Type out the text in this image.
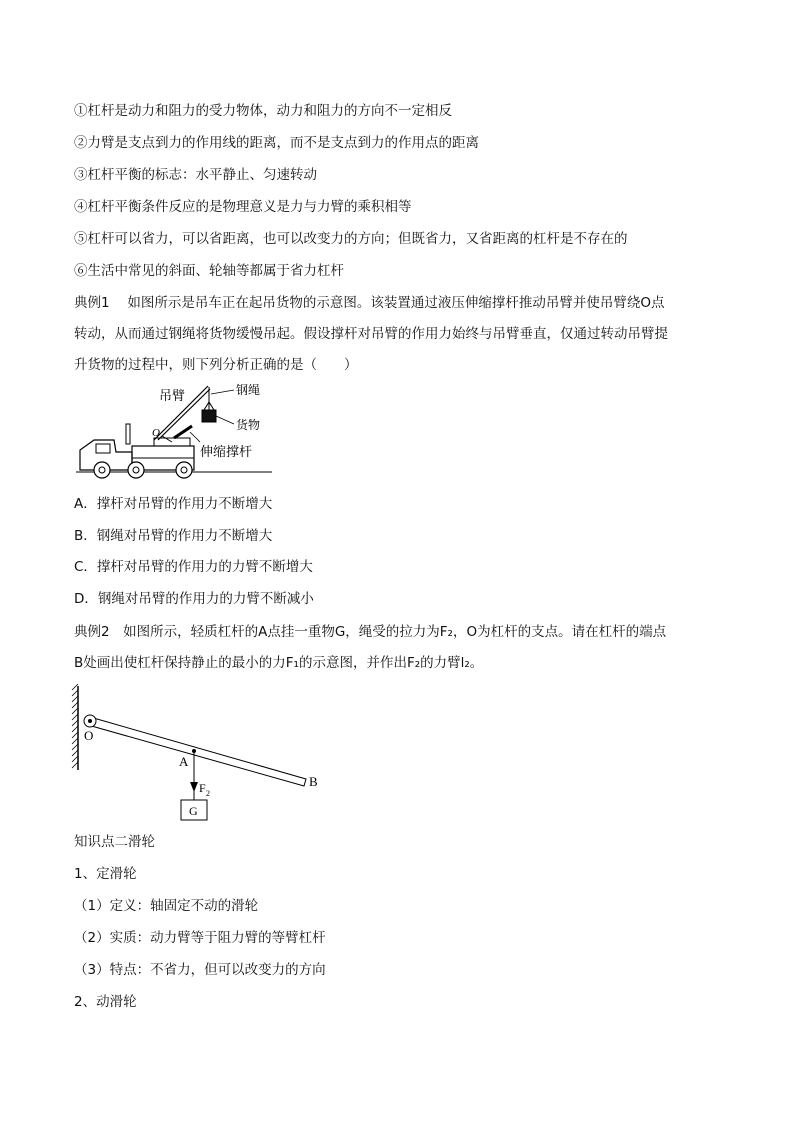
①杠杆是动力和阻力的受力物体，动力和阻力的方向不一定相反
②力臂是支点到力的作用线的距离，而不是支点到力的作用点的距离
③杠杆平衡的标志：水平静止、匀速转动
④杠杆平衡条件反应的是物理意义是力与力臂的乘积相等
⑤杠杆可以省力，可以省距离，也可以改变力的方向；但既省力，又省距离的杠杆是不存在的
⑥生活中常见的斜面、轮轴等都属于省力杠杆
典例1　 如图所示是吊车正在起吊货物的示意图。该装置通过液压伸缩撑杆推动吊臂并使吊臂绕O点
转动，从而通过钢绳将货物缓慢吊起。假设撑杆对吊臂的作用力始终与吊臂垂直，仅通过转动吊臂提
升货物的过程中，则下列分析正确的是（　　）
吊臂	钢绳
货物
O
伸缩撑杆
A．撑杆对吊臂的作用力不断增大
B．钢绳对吊臂的作用力不断增大
C．撑杆对吊臂的作用力的力臂不断增大
D．钢绳对吊臂的作用力的力臂不断减小
典例2　如图所示，轻质杠杆的A点挂一重物G，绳受的拉力为F₂，O为杠杆的支点。请在杠杆的端点
B处画出使杠杆保持静止的最小的力F₁的示意图，并作出F₂的力臂l₂。
O
A
B
F 2
G
知识点二滑轮
1、定滑轮
（1）定义：轴固定不动的滑轮
（2）实质：动力臂等于阻力臂的等臂杠杆
（3）特点：不省力，但可以改变力的方向
2、动滑轮
